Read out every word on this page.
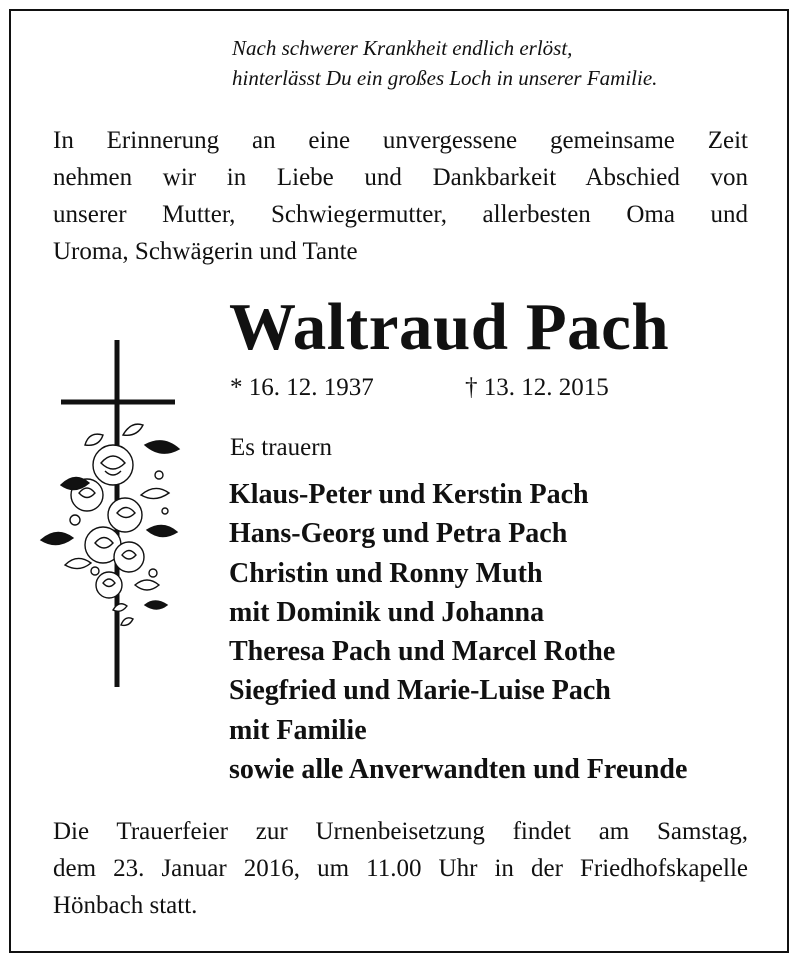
Nach schwerer Krankheit endlich erlöst,
hinterlässt Du ein großes Loch in unserer Familie.
In Erinnerung an eine unvergessene gemeinsame Zeit
nehmen wir in Liebe und Dankbarkeit Abschied von
unserer Mutter, Schwiegermutter, allerbesten Oma und
Uroma, Schwägerin und Tante
Waltraud Pach
* 16. 12. 1937	† 13. 12. 2015
Es trauern
Klaus-Peter und Kerstin Pach
Hans-Georg und Petra Pach
Christin und Ronny Muth
mit Dominik und Johanna
Theresa Pach und Marcel Rothe
Siegfried und Marie-Luise Pach
mit Familie
sowie alle Anverwandten und Freunde
Die Trauerfeier zur Urnenbeisetzung findet am Samstag,
dem 23. Januar 2016, um 11.00 Uhr in der Friedhofskapelle
Hönbach statt.
